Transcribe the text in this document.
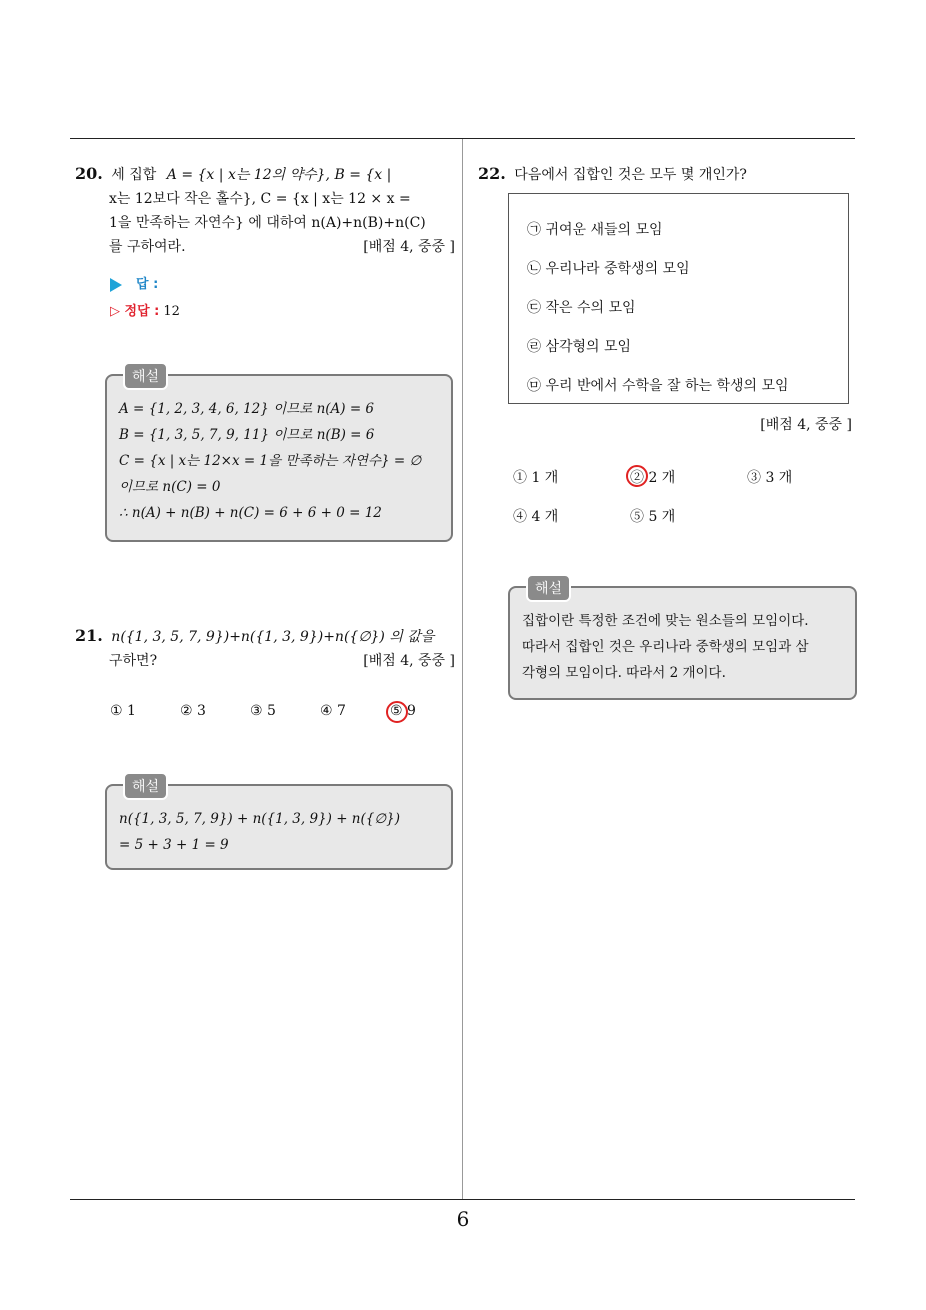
20. 세 집합 A = {x | x는 12의 약수}, B = {x |
x는 12보다 작은 홀수}, C = {x | x는 12 × x =
1을 만족하는 자연수} 에 대하여 n(A)+n(B)+n(C)
를 구하여라.	[배점 4, 중중 ]
답 :
▷ 정답 : 12
해설
A = {1, 2, 3, 4, 6, 12} 이므로 n(A) = 6
B = {1, 3, 5, 7, 9, 11} 이므로 n(B) = 6
C = {x | x는 12×x = 1을 만족하는 자연수} = ∅
이므로 n(C) = 0
∴ n(A) + n(B) + n(C) = 6 + 6 + 0 = 12
21. n({1, 3, 5, 7, 9})+n({1, 3, 9})+n({∅}) 의 값을
구하면?	[배점 4, 중중 ]
① 1	② 3	③ 5	④ 7	⑤ 9
해설
n({1, 3, 5, 7, 9}) + n({1, 3, 9}) + n({∅})
= 5 + 3 + 1 = 9
22. 다음에서 집합인 것은 모두 몇 개인가?
㉠ 귀여운 새들의 모임
㉡ 우리나라 중학생의 모임
㉢ 작은 수의 모임
㉣ 삼각형의 모임
㉤ 우리 반에서 수학을 잘 하는 학생의 모임
[배점 4, 중중 ]
① 1 개	② 2 개	③ 3 개
④ 4 개	⑤ 5 개
해설
집합이란 특정한 조건에 맞는 원소들의 모임이다.
따라서 집합인 것은 우리나라 중학생의 모임과 삼
각형의 모임이다. 따라서 2 개이다.
6
